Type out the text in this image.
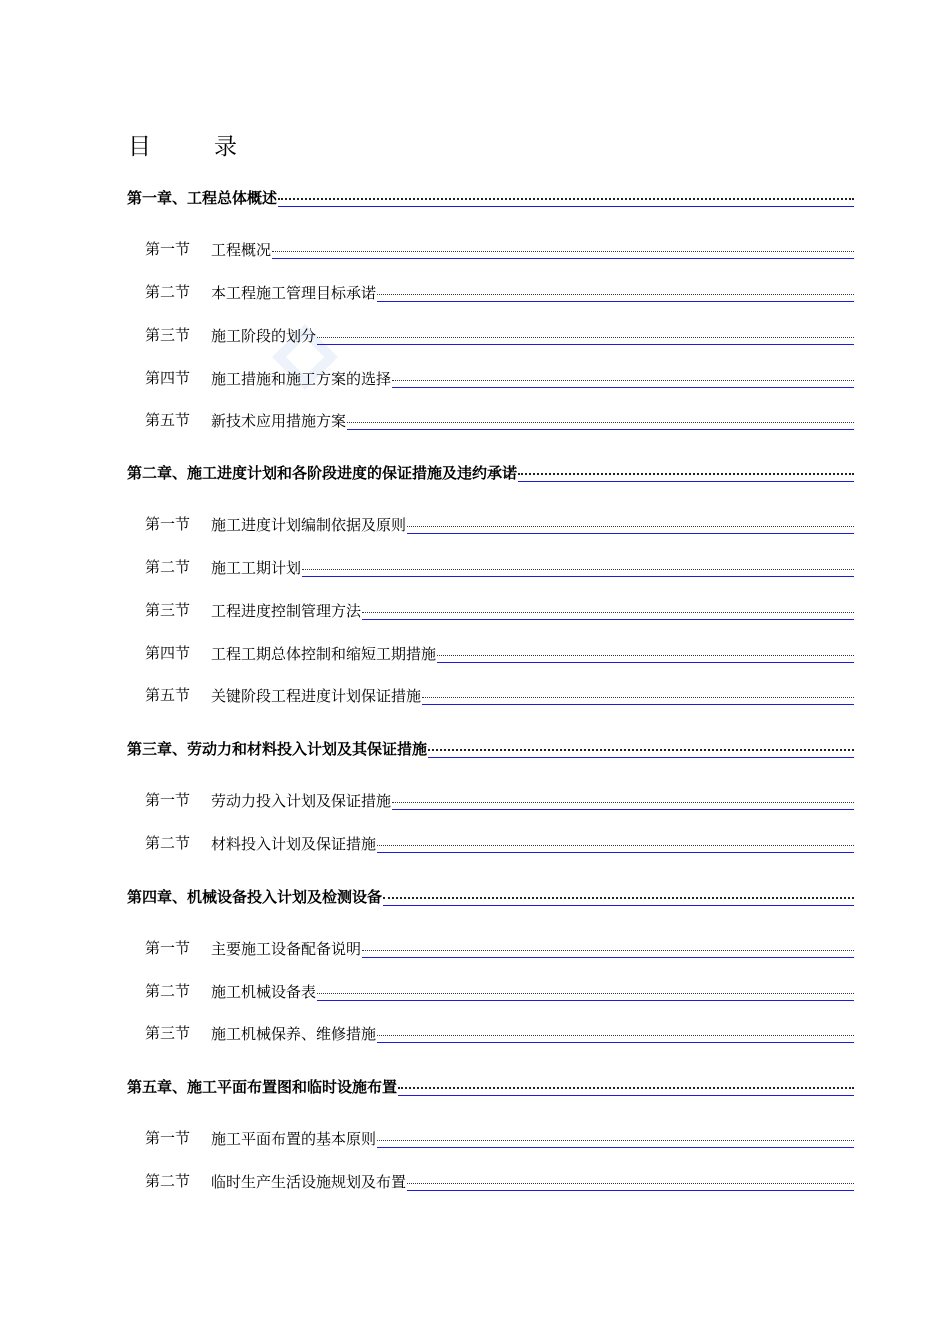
目　录
第一章、工程总体概述
第一节	工程概况
第二节	本工程施工管理目标承诺
第三节	施工阶段的划分
第四节	施工措施和施工方案的选择
第五节	新技术应用措施方案
第二章、施工进度计划和各阶段进度的保证措施及违约承诺
第一节	施工进度计划编制依据及原则
第二节	施工工期计划
第三节	工程进度控制管理方法
第四节	工程工期总体控制和缩短工期措施
第五节	关键阶段工程进度计划保证措施
第三章、劳动力和材料投入计划及其保证措施
第一节	劳动力投入计划及保证措施
第二节	材料投入计划及保证措施
第四章、机械设备投入计划及检测设备
第一节	主要施工设备配备说明
第二节	施工机械设备表
第三节	施工机械保养、维修措施
第五章、施工平面布置图和临时设施布置
第一节	施工平面布置的基本原则
第二节	临时生产生活设施规划及布置
